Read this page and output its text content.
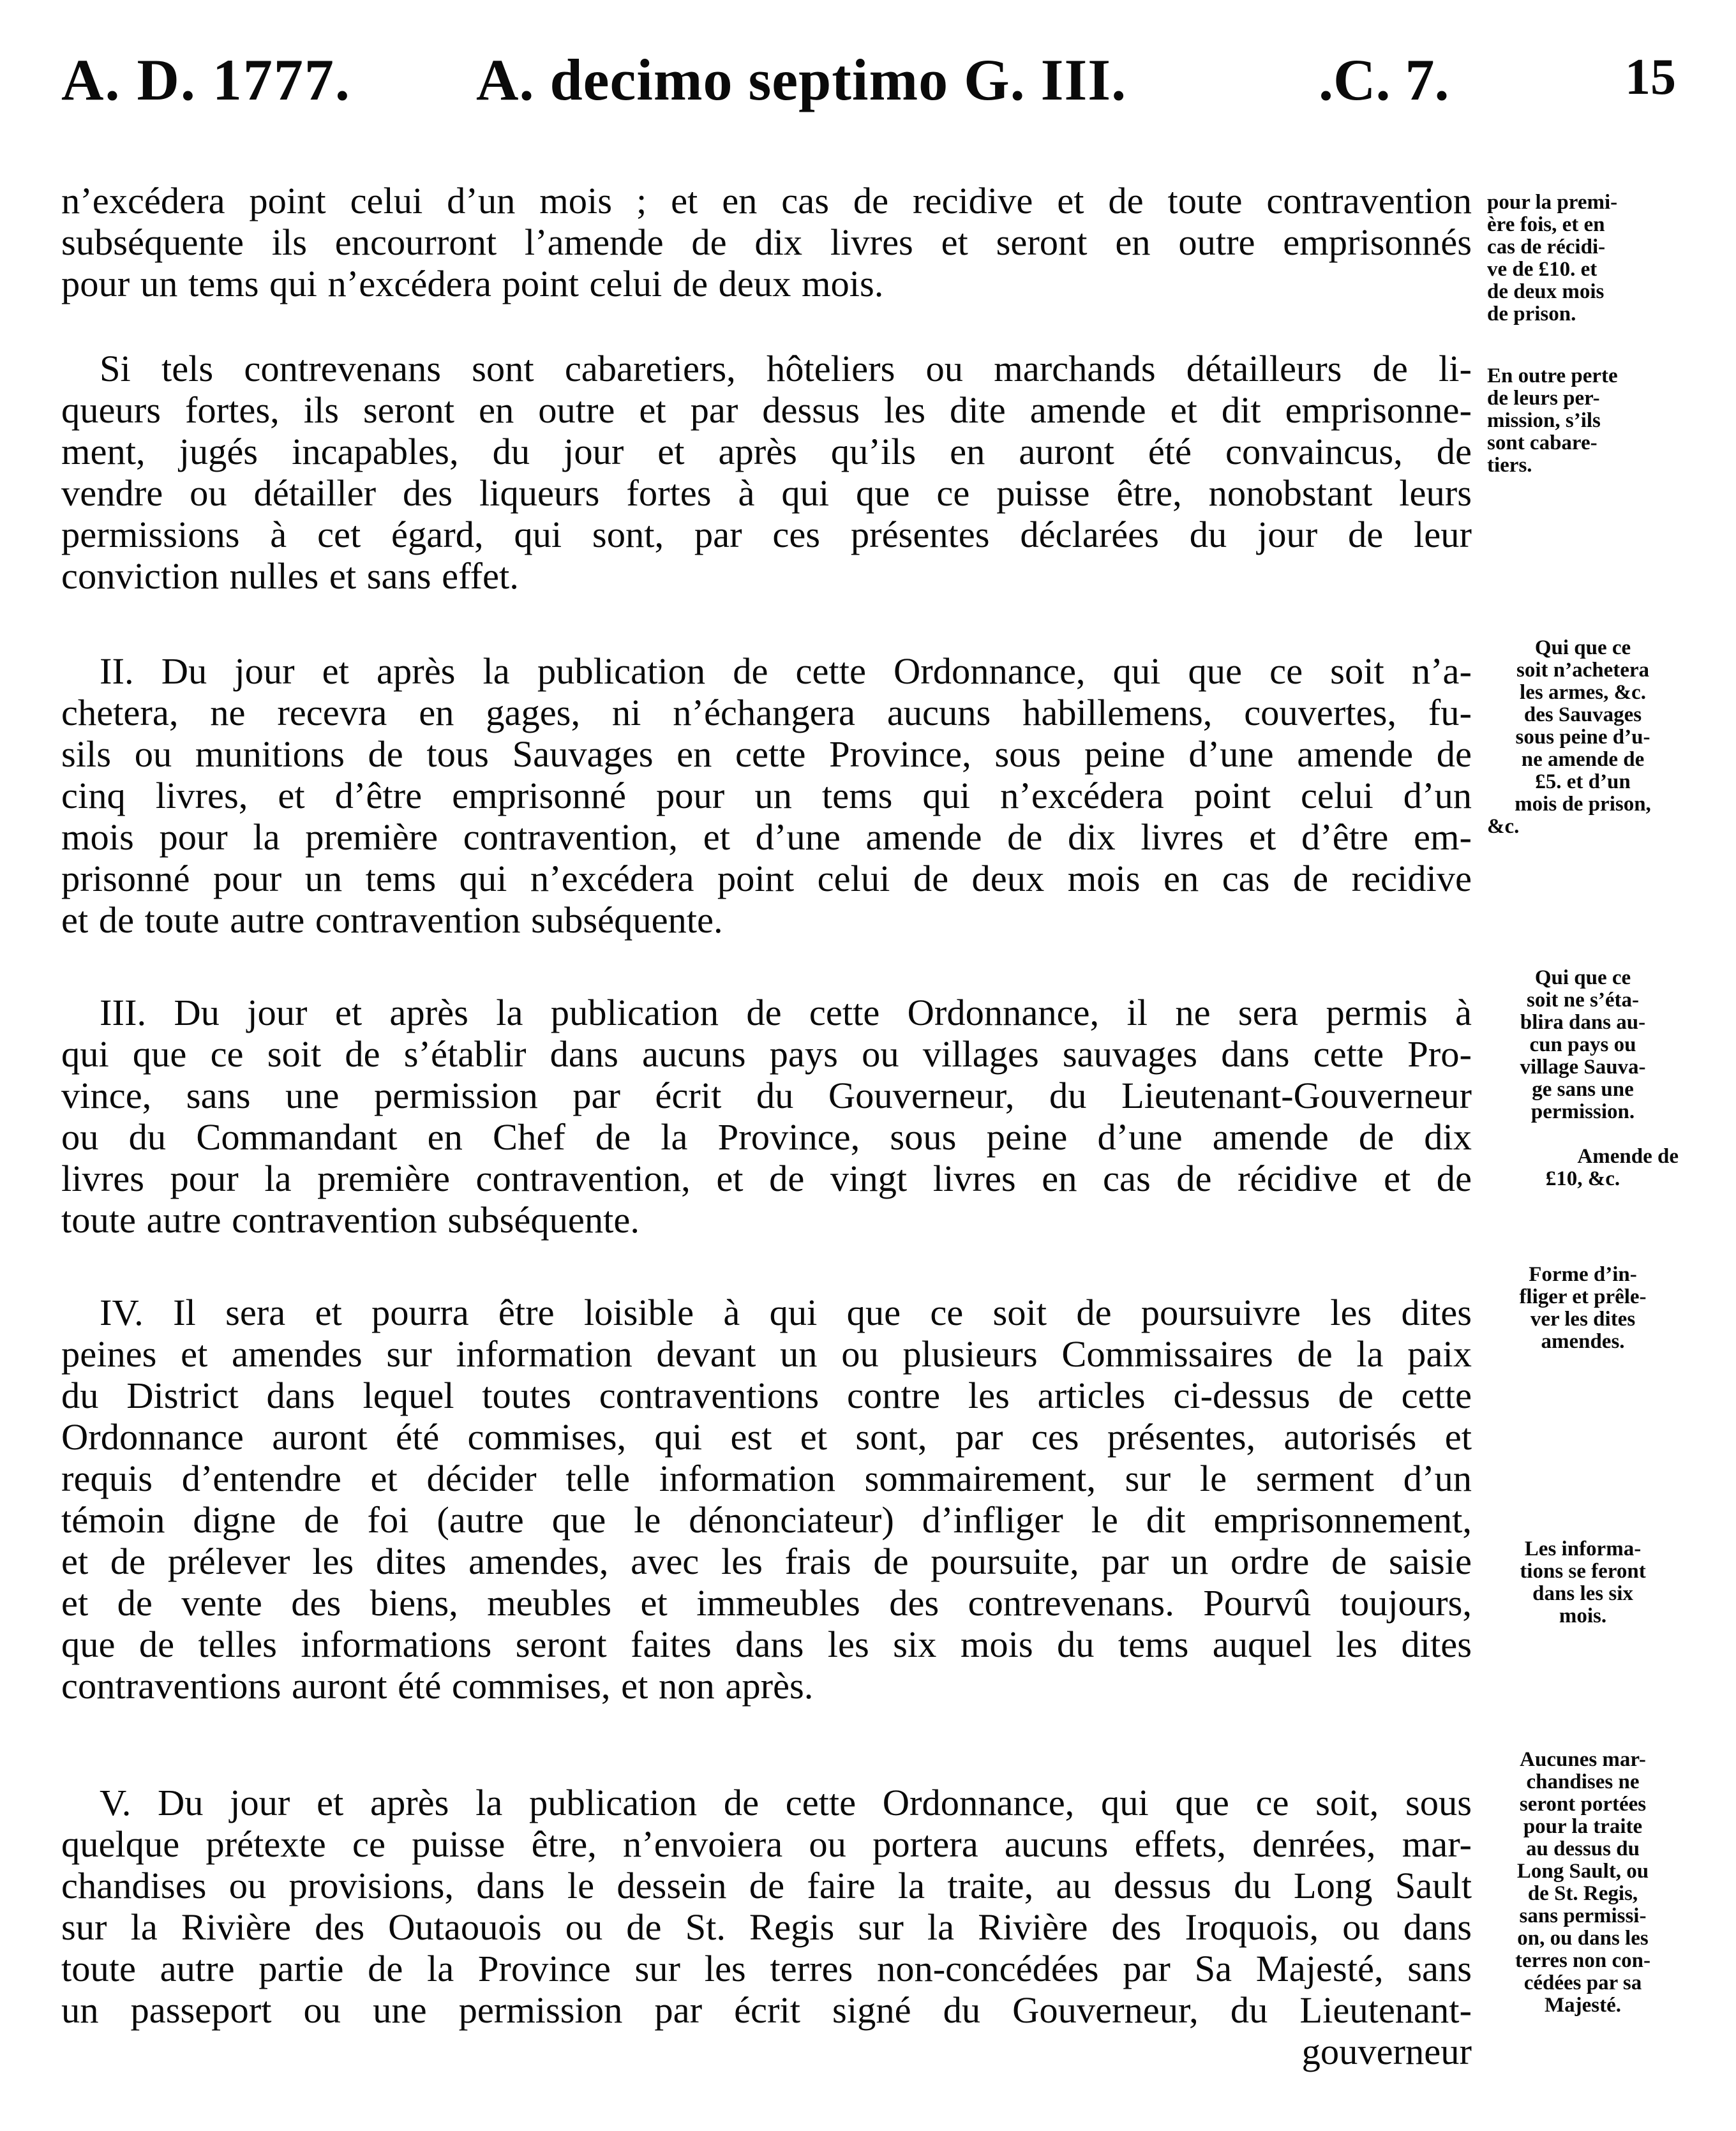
A. D. 1777. A. decimo septimo G. III.	.C. 7.	15

n’excédera point celui d’un mois ; et en cas de recidive et de toute contravention
subséquente ils encourront l’amende de dix livres et seront en outre emprisonnés
pour un tems qui n’excédera point celui de deux mois.

Si tels contrevenans sont cabaretiers, hôteliers ou marchands détailleurs de li-
queurs fortes, ils seront en outre et par dessus les dite amende et dit emprisonne-
ment, jugés incapables, du jour et après qu’ils en auront été convaincus, de
vendre ou détailler des liqueurs fortes à qui que ce puisse être, nonobstant leurs
permissions à cet égard, qui sont, par ces présentes déclarées du jour de leur
conviction nulles et sans effet.

II. Du jour et après la publication de cette Ordonnance, qui que ce soit n’a-
chetera, ne recevra en gages, ni n’échangera aucuns habillemens, couvertes, fu-
sils ou munitions de tous Sauvages en cette Province, sous peine d’une amende de
cinq livres, et d’être emprisonné pour un tems qui n’excédera point celui d’un
mois pour la première contravention, et d’une amende de dix livres et d’être em-
prisonné pour un tems qui n’excédera point celui de deux mois en cas de recidive
et de toute autre contravention subséquente.

III. Du jour et après la publication de cette Ordonnance, il ne sera permis à
qui que ce soit de s’établir dans aucuns pays ou villages sauvages dans cette Pro-
vince, sans une permission par écrit du Gouverneur, du Lieutenant-Gouverneur
ou du Commandant en Chef de la Province, sous peine d’une amende de dix
livres pour la première contravention, et de vingt livres en cas de récidive et de
toute autre contravention subséquente.

IV. Il sera et pourra être loisible à qui que ce soit de poursuivre les dites
peines et amendes sur information devant un ou plusieurs Commissaires de la paix
du District dans lequel toutes contraventions contre les articles ci-dessus de cette
Ordonnance auront été commises, qui est et sont, par ces présentes, autorisés et
requis d’entendre et décider telle information sommairement, sur le serment d’un
témoin digne de foi (autre que le dénonciateur) d’infliger le dit emprisonnement,
et de prélever les dites amendes, avec les frais de poursuite, par un ordre de saisie
et de vente des biens, meubles et immeubles des contrevenans. Pourvû toujours,
que de telles informations seront faites dans les six mois du tems auquel les dites
contraventions auront été commises, et non après.

V. Du jour et après la publication de cette Ordonnance, qui que ce soit, sous
quelque prétexte ce puisse être, n’envoiera ou portera aucuns effets, denrées, mar-
chandises ou provisions, dans le dessein de faire la traite, au dessus du Long Sault
sur la Rivière des Outaouois ou de St. Regis sur la Rivière des Iroquois, ou dans
toute autre partie de la Province sur les terres non-concédées par Sa Majesté, sans
un passeport ou une permission par écrit signé du Gouverneur, du Lieutenant-
gouverneur

pour la premi-
ère fois, et en
cas de récidi-
ve de £10. et
de deux mois
de prison.
En outre perte
de leurs per-
mission, s’ils
sont cabare-
tiers.
Qui que ce
soit n’achetera
les armes, &c.
des Sauvages
sous peine d’u-
ne amende de
£5. et d’un
mois de prison,
&c.
Qui que ce
soit ne s’éta-
blira dans au-
cun pays ou
village Sauva-
ge sans une
permission.
Amende de
£10, &c.
Forme d’in-
fliger et prêle-
ver les dites
amendes.
Les informa-
tions se feront
dans les six
mois.
Aucunes mar-
chandises ne
seront portées
pour la traite
au dessus du
Long Sault, ou
de St. Regis,
sans permissi-
on, ou dans les
terres non con-
cédées par sa
Majesté.
